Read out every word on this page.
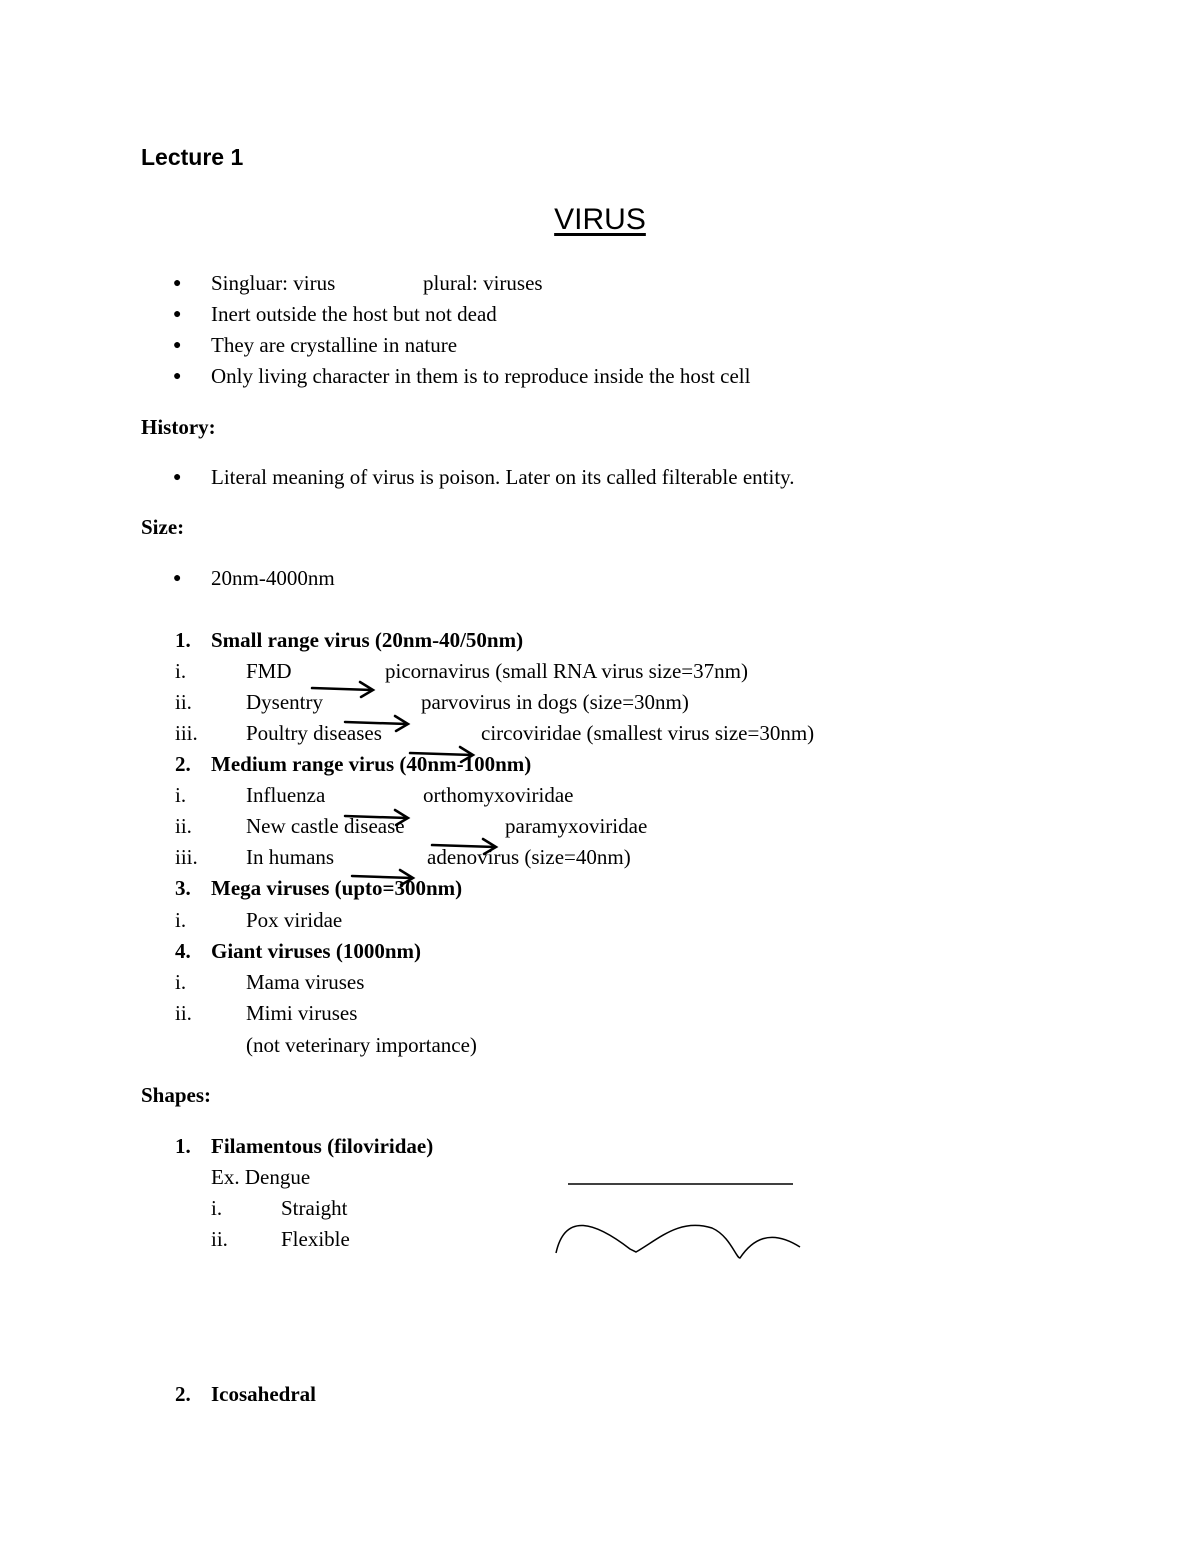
Lecture 1
VIRUS
● Singluar: virus	plural: viruses
● Inert outside the host but not dead
● They are crystalline in nature
● Only living character in them is to reproduce inside the host cell
History:
● Literal meaning of virus is poison. Later on its called filterable entity.
Size:
● 20nm-4000nm
1. Small range virus (20nm-40/50nm)
i.	FMD	picornavirus (small RNA virus size=37nm)
ii.	Dysentry	parvovirus in dogs (size=30nm)
iii. Poultry diseases	circoviridae (smallest virus size=30nm)
2. Medium range virus (40nm-100nm)
i.	Influenza	orthomyxoviridae
ii.	New castle disease	paramyxoviridae
iii. In humans	adenovirus (size=40nm)
3. Mega viruses (upto=300nm)
i.	Pox viridae
4. Giant viruses (1000nm)
i.	Mama viruses
ii.	Mimi viruses
(not veterinary importance)
Shapes:
1. Filamentous (filoviridae)
Ex. Dengue
i.	Straight
ii.	Flexible
2. Icosahedral
